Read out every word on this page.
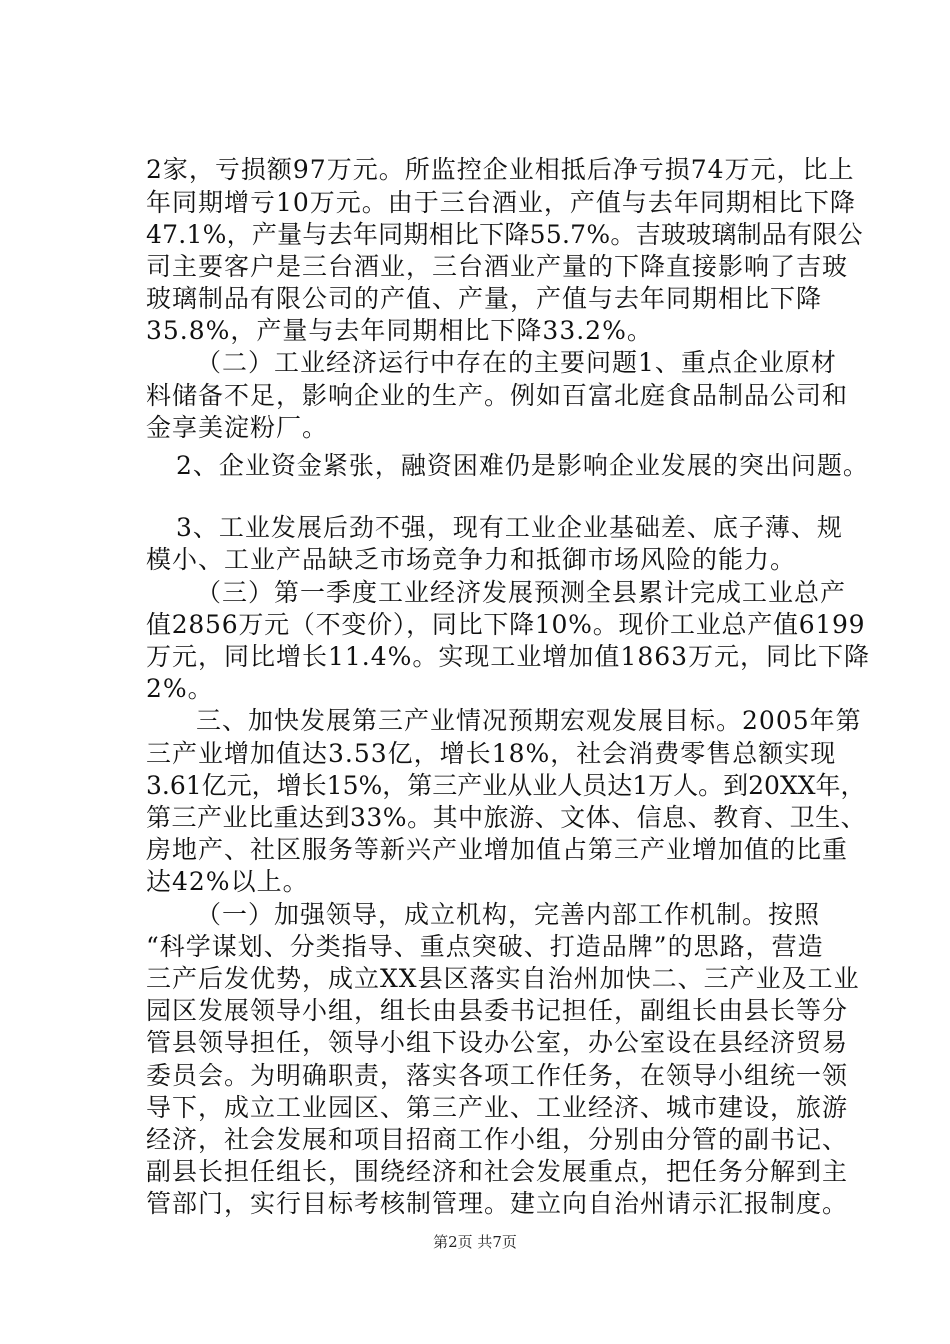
2家，亏损额97万元。所监控企业相抵后净亏损74万元，比上
年同期增亏10万元。由于三台酒业，产值与去年同期相比下降
47.1%，产量与去年同期相比下降55.7%。吉玻玻璃制品有限公
司主要客户是三台酒业，三台酒业产量的下降直接影响了吉玻
玻璃制品有限公司的产值、产量，产值与去年同期相比下降
35.8%，产量与去年同期相比下降33.2%。
（二）工业经济运行中存在的主要问题1、重点企业原材
料储备不足，影响企业的生产。例如百富北庭食品制品公司和
金享美淀粉厂。
2、企业资金紧张，融资困难仍是影响企业发展的突出问题。
3、工业发展后劲不强，现有工业企业基础差、底子薄、规
模小、工业产品缺乏市场竞争力和抵御市场风险的能力。
（三）第一季度工业经济发展预测全县累计完成工业总产
值2856万元（不变价），同比下降10%。现价工业总产值6199
万元，同比增长11.4%。实现工业增加值1863万元，同比下降
2%。
三、加快发展第三产业情况预期宏观发展目标。2005年第
三产业增加值达3.53亿，增长18%，社会消费零售总额实现
3.61亿元，增长15%，第三产业从业人员达1万人。到20XX年，
第三产业比重达到33%。其中旅游、文体、信息、教育、卫生、
房地产、社区服务等新兴产业增加值占第三产业增加值的比重
达42%以上。
（一）加强领导，成立机构，完善内部工作机制。按照
“科学谋划、分类指导、重点突破、打造品牌”的思路，营造
三产后发优势，成立XX县区落实自治州加快二、三产业及工业
园区发展领导小组，组长由县委书记担任，副组长由县长等分
管县领导担任，领导小组下设办公室，办公室设在县经济贸易
委员会。为明确职责，落实各项工作任务，在领导小组统一领
导下，成立工业园区、第三产业、工业经济、城市建设，旅游
经济，社会发展和项目招商工作小组，分别由分管的副书记、
副县长担任组长，围绕经济和社会发展重点，把任务分解到主
管部门，实行目标考核制管理。建立向自治州请示汇报制度。
第2页 共7页
